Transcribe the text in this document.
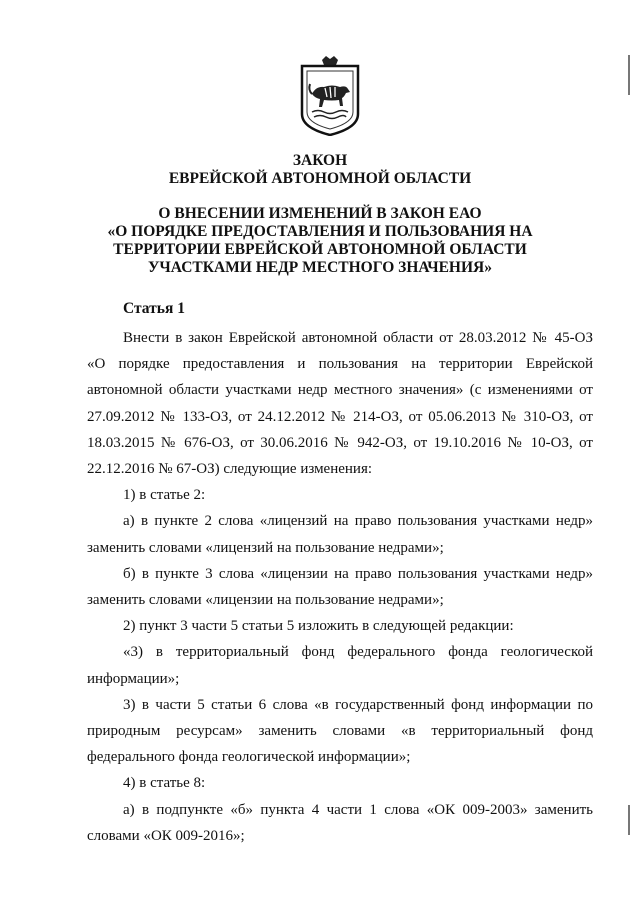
ЗАКОН
ЕВРЕЙСКОЙ АВТОНОМНОЙ ОБЛАСТИ
О ВНЕСЕНИИ ИЗМЕНЕНИЙ В ЗАКОН ЕАО
«О ПОРЯДКЕ ПРЕДОСТАВЛЕНИЯ И ПОЛЬЗОВАНИЯ НА
ТЕРРИТОРИИ ЕВРЕЙСКОЙ АВТОНОМНОЙ ОБЛАСТИ
УЧАСТКАМИ НЕДР МЕСТНОГО ЗНАЧЕНИЯ»
Статья 1

Внести в закон Еврейской автономной области от 28.03.2012 № 45-ОЗ «О порядке предоставления и пользования на территории Еврейской автономной области участками недр местного значения» (с изменениями от 27.09.2012 № 133-ОЗ, от 24.12.2012 № 214-ОЗ, от 05.06.2013 № 310-ОЗ, от 18.03.2015 № 676-ОЗ, от 30.06.2016 № 942-ОЗ, от 19.10.2016 № 10-ОЗ, от 22.12.2016 № 67-ОЗ) следующие изменения:

1) в статье 2:

а) в пункте 2 слова «лицензий на право пользования участками недр» заменить словами «лицензий на пользование недрами»;

б) в пункте 3 слова «лицензии на право пользования участками недр» заменить словами «лицензии на пользование недрами»;

2) пункт 3 части 5 статьи 5 изложить в следующей редакции:

«3) в территориальный фонд федерального фонда геологической информации»;

3) в части 5 статьи 6 слова «в государственный фонд информации по природным ресурсам» заменить словами «в территориальный фонд федерального фонда геологической информации»;

4) в статье 8:

а) в подпункте «б» пункта 4 части 1 слова «ОК 009-2003» заменить словами «ОК 009-2016»;
